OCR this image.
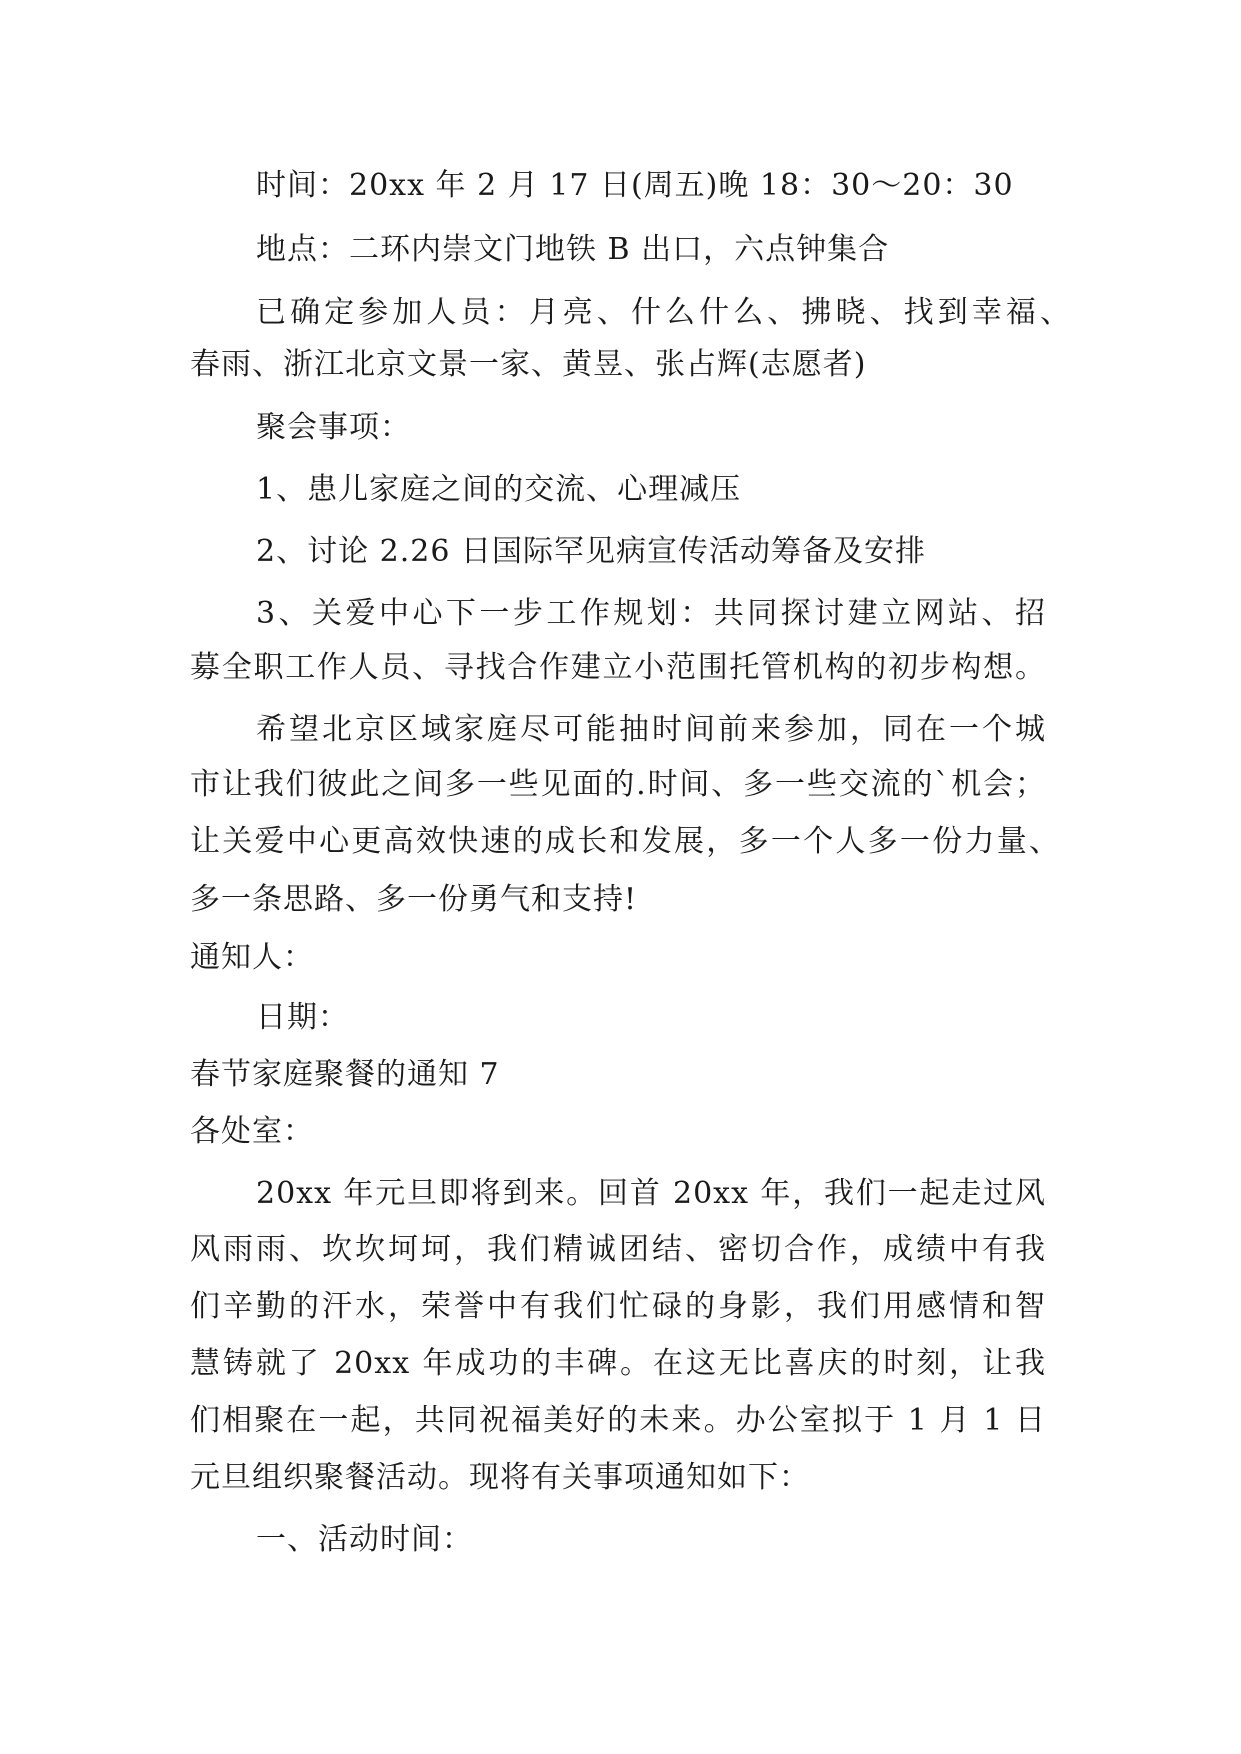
时间：20xx 年 2 月 17 日(周五)晚 18：30～20：30
地点：二环内崇文门地铁 B 出口，六点钟集合
已确定参加人员：月亮、什么什么、拂晓、找到幸福、
春雨、浙江北京文景一家、黄昱、张占辉(志愿者)
聚会事项：
1、患儿家庭之间的交流、心理减压
2、讨论 2.26 日国际罕见病宣传活动筹备及安排
3、关爱中心下一步工作规划：共同探讨建立网站、招
募全职工作人员、寻找合作建立小范围托管机构的初步构想。
希望北京区域家庭尽可能抽时间前来参加，同在一个城
市让我们彼此之间多一些见面的.时间、多一些交流的`机会；
让关爱中心更高效快速的成长和发展，多一个人多一份力量、
多一条思路、多一份勇气和支持!
通知人：
日期：
春节家庭聚餐的通知 7
各处室：
20xx 年元旦即将到来。回首 20xx 年，我们一起走过风
风雨雨、坎坎坷坷，我们精诚团结、密切合作，成绩中有我
们辛勤的汗水，荣誉中有我们忙碌的身影，我们用感情和智
慧铸就了 20xx 年成功的丰碑。在这无比喜庆的时刻，让我
们相聚在一起，共同祝福美好的未来。办公室拟于 1 月 1 日
元旦组织聚餐活动。现将有关事项通知如下：
一、活动时间：
